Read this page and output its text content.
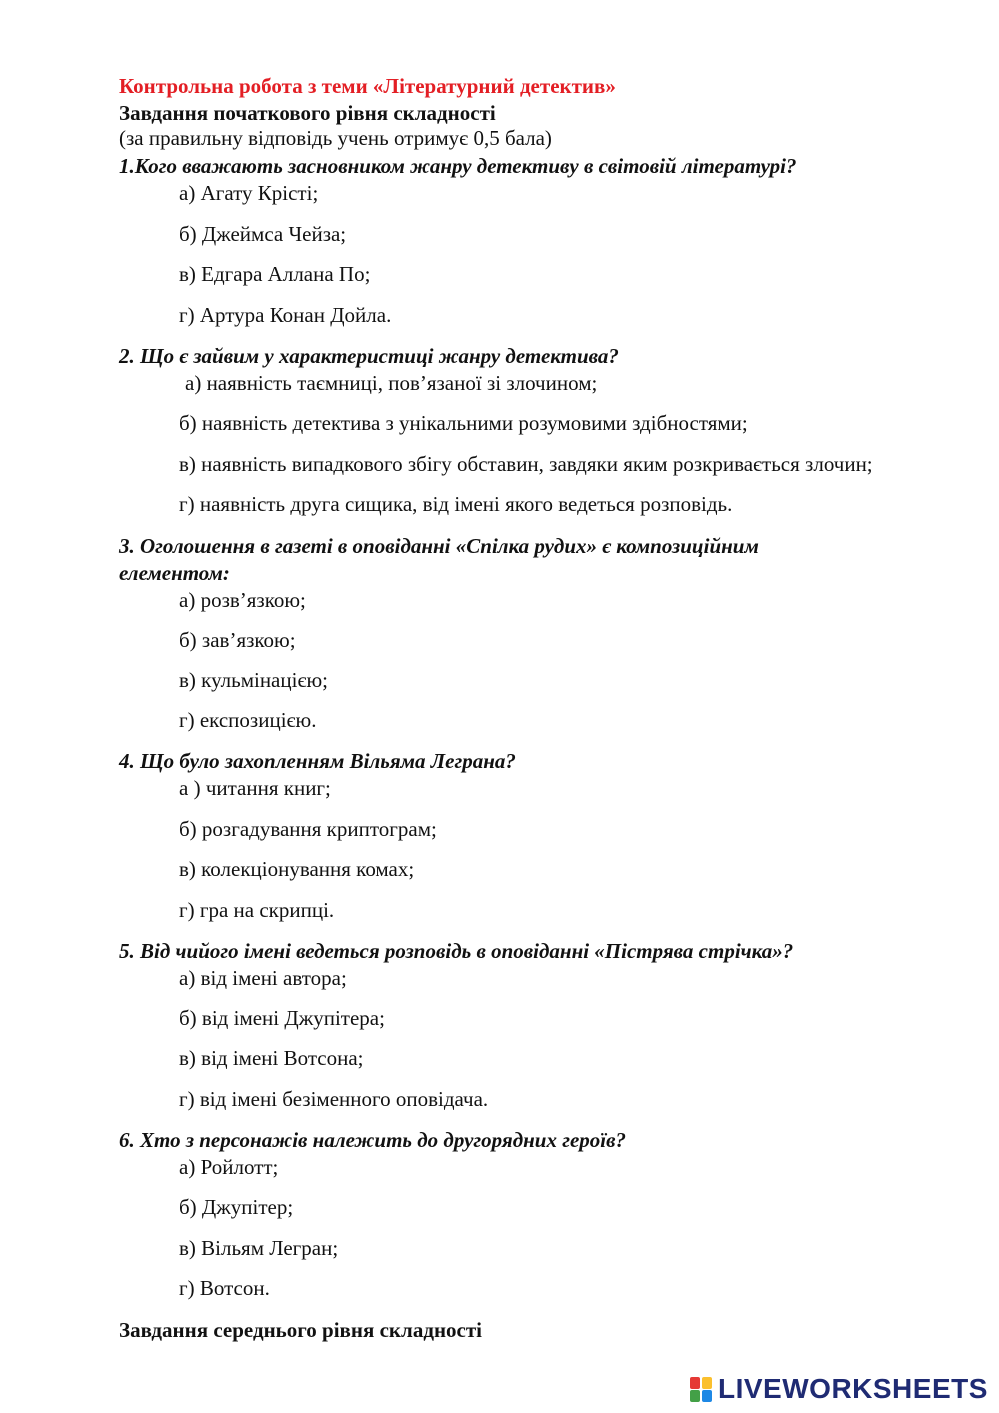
Контрольна робота з теми «Літературний детектив»
Завдання початкового рівня складності
(за правильну відповідь учень отримує 0,5 бала)
1.Кого вважають засновником жанру детективу в світовій літературі?
а) Агату Крісті;
б) Джеймса Чейза;
в) Едгара Аллана По;
г) Артура Конан Дойла.
2. Що є зайвим у характеристиці жанру детектива?
а) наявність таємниці, пов’язаної зі злочином;
б) наявність детектива з унікальними розумовими здібностями;
в) наявність випадкового збігу обставин, завдяки яким розкривається злочин;
г) наявність друга сищика, від імені якого ведеться розповідь.
3. Оголошення в газеті в оповіданні «Спілка рудих» є композиційним
елементом:
а) розв’язкою;
б) зав’язкою;
в) кульмінацією;
г) експозицією.
4. Що було захопленням Вільяма Леграна?
а ) читання книг;
б) розгадування криптограм;
в) колекціонування комах;
г) гра на скрипці.
5. Від чийого імені ведеться розповідь в оповіданні «Пістрява стрічка»?
а) від імені автора;
б) від імені Джупітера;
в) від імені Вотсона;
г) від імені безіменного оповідача.
6. Хто з персонажів належить до другорядних героїв?
а) Ройлотт;
б) Джупітер;
в) Вільям Легран;
г) Вотсон.
Завдання середнього рівня складності
LIVEWORKSHEETS
